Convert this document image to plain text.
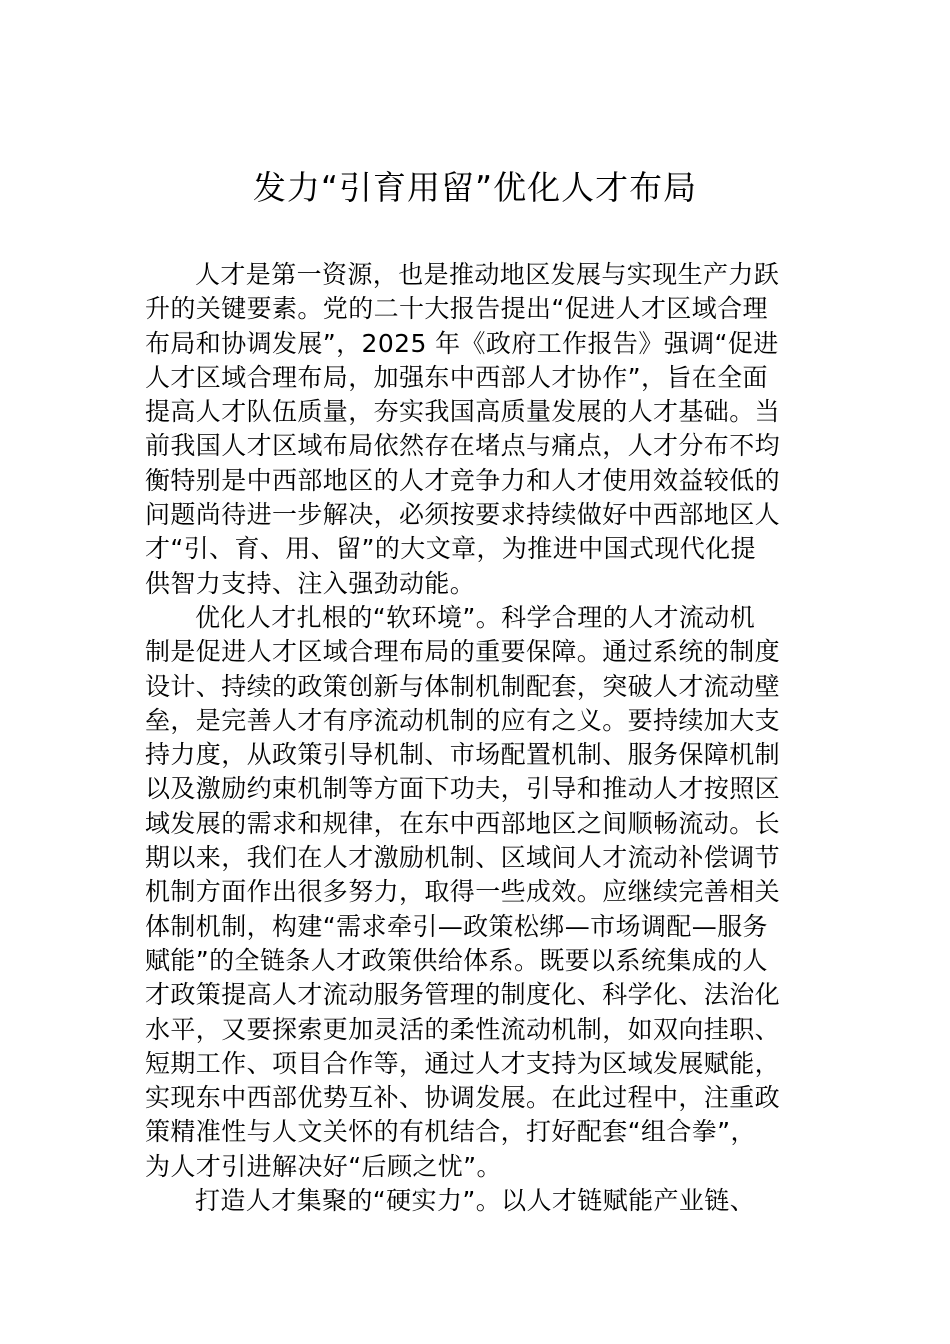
发力“引育用留”优化人才布局
人才是第一资源，也是推动地区发展与实现生产力跃
升的关键要素。党的二十大报告提出“促进人才区域合理
布局和协调发展”，2025 年《政府工作报告》强调“促进
人才区域合理布局，加强东中西部人才协作”，旨在全面
提高人才队伍质量，夯实我国高质量发展的人才基础。当
前我国人才区域布局依然存在堵点与痛点，人才分布不均
衡特别是中西部地区的人才竞争力和人才使用效益较低的
问题尚待进一步解决，必须按要求持续做好中西部地区人
才“引、育、用、留”的大文章，为推进中国式现代化提
供智力支持、注入强劲动能。
优化人才扎根的“软环境”。科学合理的人才流动机
制是促进人才区域合理布局的重要保障。通过系统的制度
设计、持续的政策创新与体制机制配套，突破人才流动壁
垒，是完善人才有序流动机制的应有之义。要持续加大支
持力度，从政策引导机制、市场配置机制、服务保障机制
以及激励约束机制等方面下功夫，引导和推动人才按照区
域发展的需求和规律，在东中西部地区之间顺畅流动。长
期以来，我们在人才激励机制、区域间人才流动补偿调节
机制方面作出很多努力，取得一些成效。应继续完善相关
体制机制，构建“需求牵引—政策松绑—市场调配—服务
赋能”的全链条人才政策供给体系。既要以系统集成的人
才政策提高人才流动服务管理的制度化、科学化、法治化
水平，又要探索更加灵活的柔性流动机制，如双向挂职、
短期工作、项目合作等，通过人才支持为区域发展赋能，
实现东中西部优势互补、协调发展。在此过程中，注重政
策精准性与人文关怀的有机结合，打好配套“组合拳”，
为人才引进解决好“后顾之忧”。
打造人才集聚的“硬实力”。以人才链赋能产业链、
